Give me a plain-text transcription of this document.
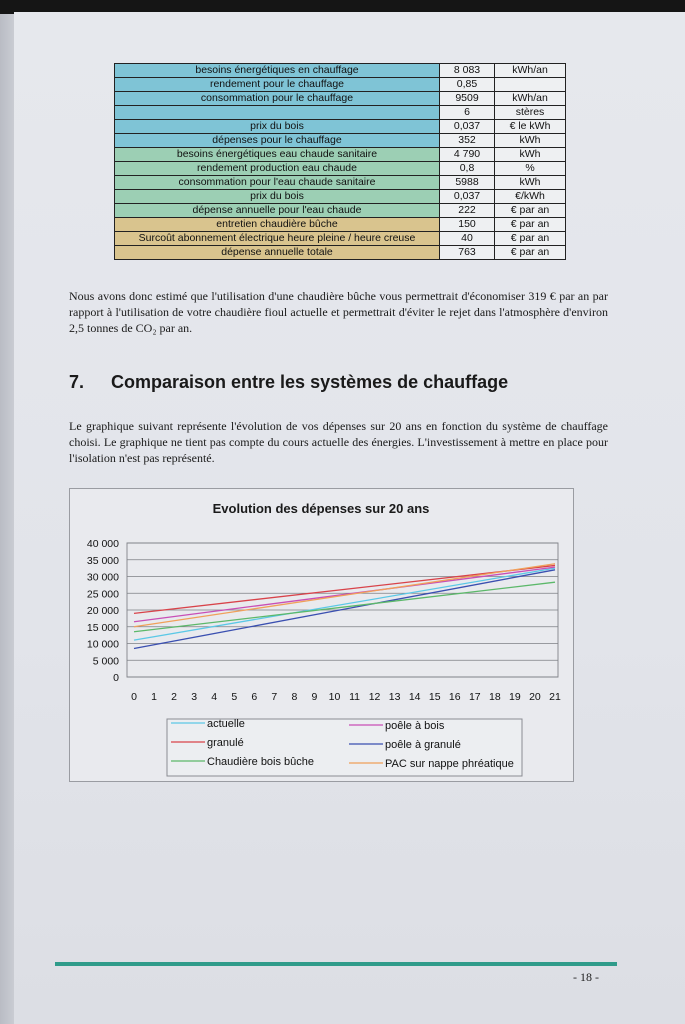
besoins énergétiques en chauffage	8 083	kWh/an
rendement pour le chauffage	0,85	
consommation pour le chauffage	9509	kWh/an
	6	stères
prix du bois	0,037	€ le kWh
dépenses pour le chauffage	352	kWh
besoins énergétiques eau chaude sanitaire	4 790	kWh
rendement production eau chaude	0,8	%
consommation pour l'eau chaude sanitaire	5988	kWh
prix du bois	0,037	€/kWh
dépense annuelle pour l'eau chaude	222	€ par an
entretien chaudière bûche	150	€ par an
Surcoût abonnement électrique heure pleine / heure creuse	40	€ par an
dépense annuelle totale	763	€ par an

Nous avons donc estimé que l'utilisation d'une chaudière bûche vous permettrait d'économiser 319 € par an par rapport à l'utilisation de votre chaudière fioul actuelle et permettrait d'éviter le rejet dans l'atmosphère d'environ 2,5 tonnes de CO₂ par an.

7. Comparaison entre les systèmes de chauffage

Le graphique suivant représente l'évolution de vos dépenses sur 20 ans en fonction du système de chauffage choisi. Le graphique ne tient pas compte du cours actuelle des énergies. L'investissement à mettre en place pour l'isolation n'est pas représenté.

Evolution des dépenses sur 20 ans
0
5 000
10 000
15 000
20 000
25 000
30 000
35 000
40 000
0 1 2 3 4 5 6 7 8 9 10 11 12 13 14 15 16 17 18 19 20 21
actuelle	poêle à bois
granulé	poêle à granulé
Chaudière bois bûche	PAC sur nappe phréatique
- 18 -
